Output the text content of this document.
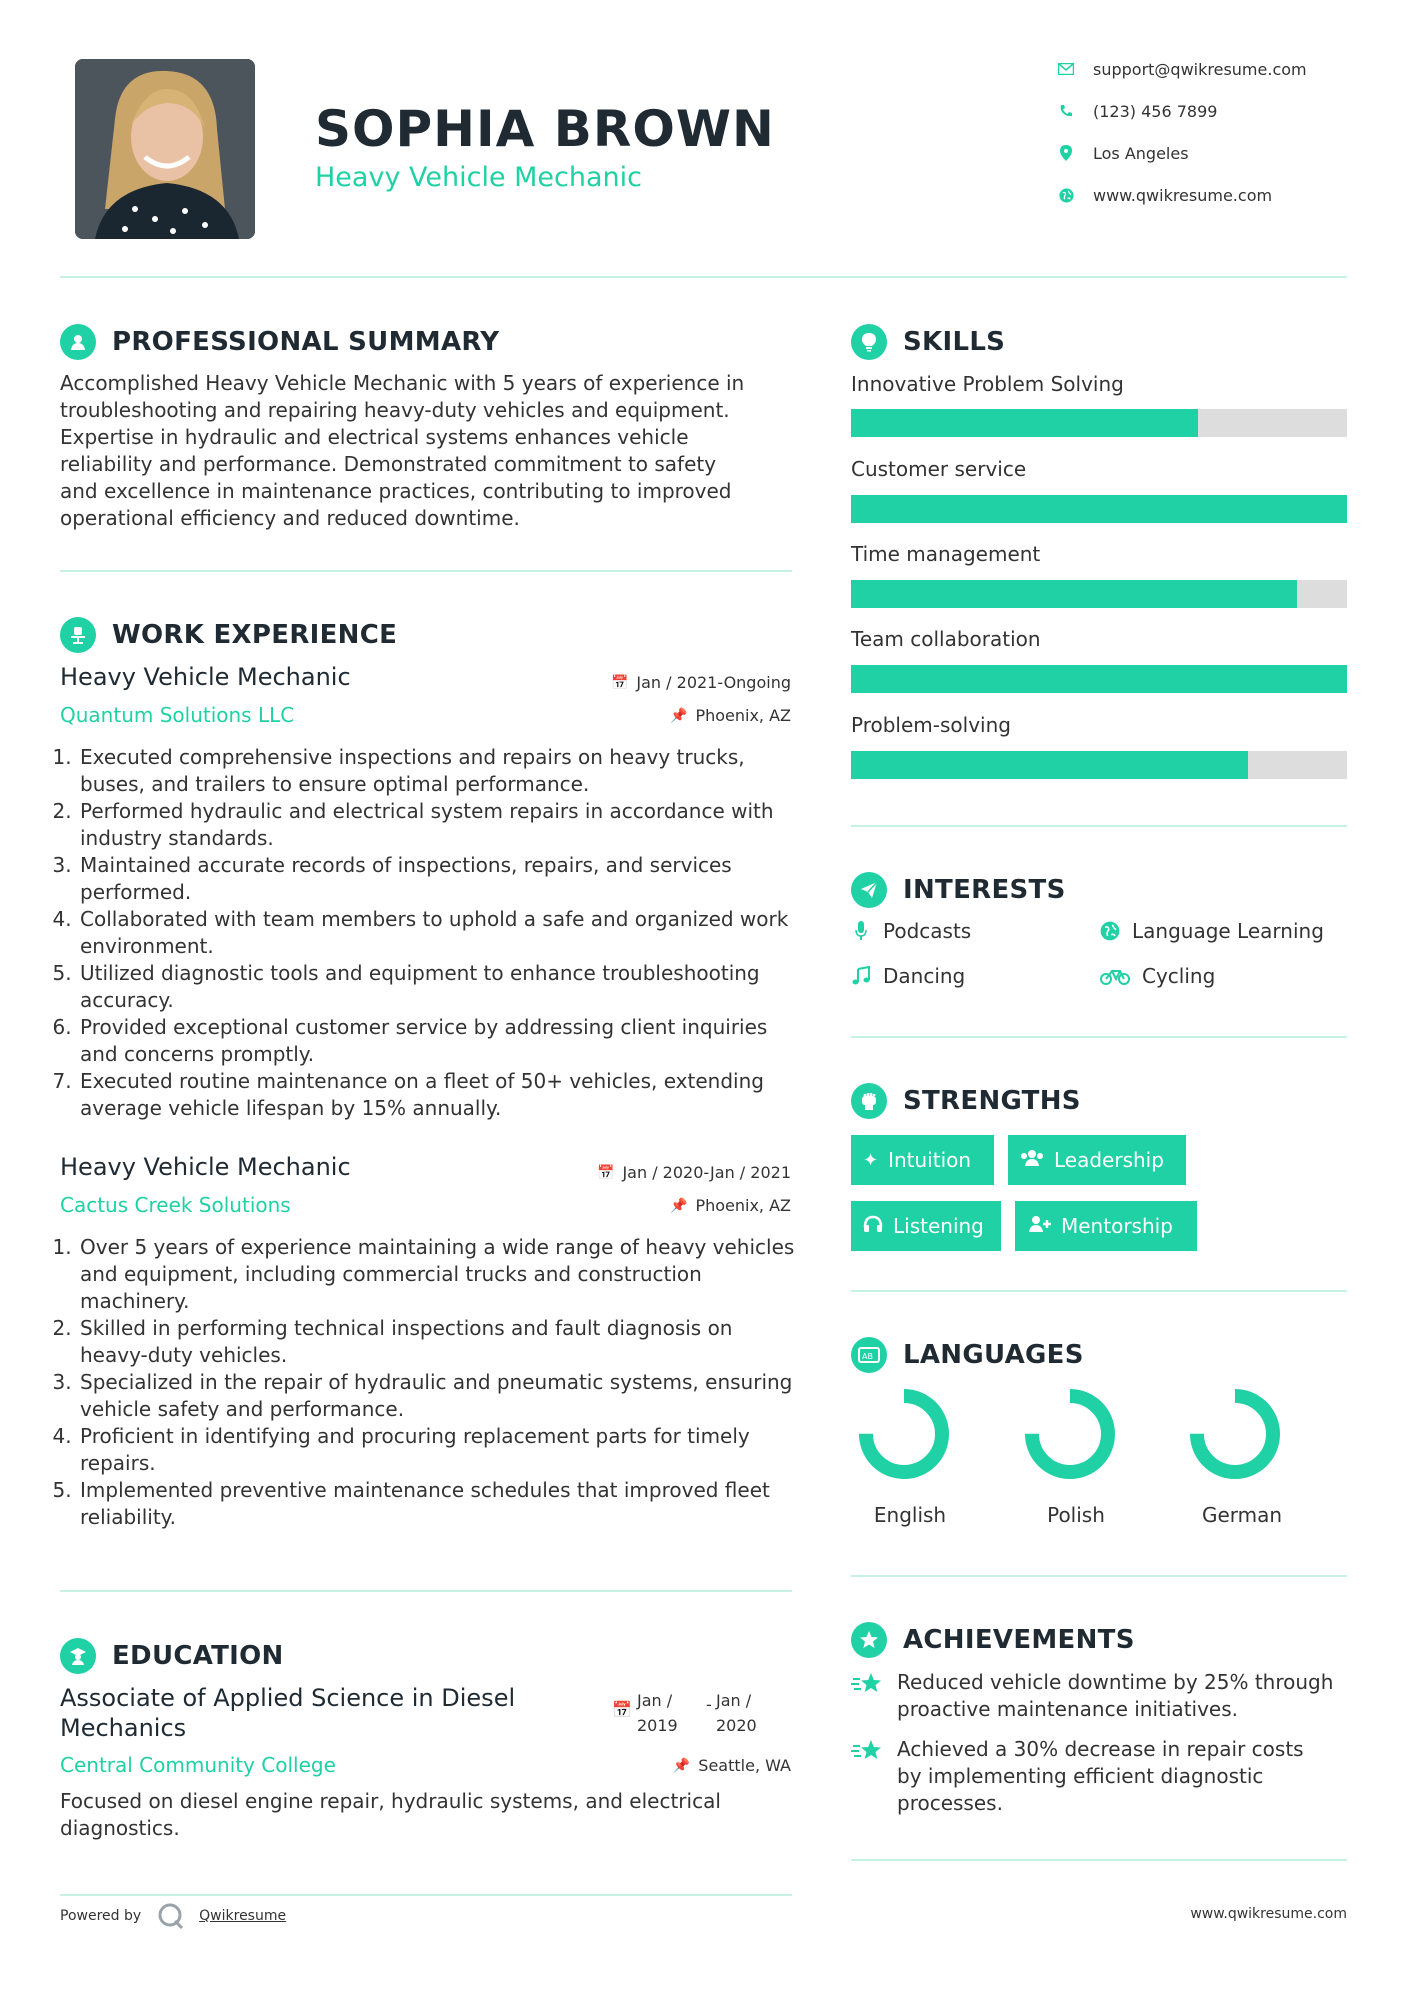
SOPHIA BROWN
Heavy Vehicle Mechanic
support@qwikresume.com
(123) 456 7899
Los Angeles
www.qwikresume.com
PROFESSIONAL SUMMARY
Accomplished Heavy Vehicle Mechanic with 5 years of experience in
troubleshooting and repairing heavy-duty vehicles and equipment.
Expertise in hydraulic and electrical systems enhances vehicle
reliability and performance. Demonstrated commitment to safety
and excellence in maintenance practices, contributing to improved
operational efficiency and reduced downtime.
WORK EXPERIENCE
Heavy Vehicle Mechanic
Quantum Solutions LLC
📅 Jan / 2021-Ongoing
📌 Phoenix, AZ
1. Executed comprehensive inspections and repairs on heavy trucks, buses, and trailers to ensure optimal performance.
2. Performed hydraulic and electrical system repairs in accordance with industry standards.
3. Maintained accurate records of inspections, repairs, and services performed.
4. Collaborated with team members to uphold a safe and organized work environment.
5. Utilized diagnostic tools and equipment to enhance troubleshooting accuracy.
6. Provided exceptional customer service by addressing client inquiries and concerns promptly.
7. Executed routine maintenance on a fleet of 50+ vehicles, extending average vehicle lifespan by 15% annually.
Heavy Vehicle Mechanic
Cactus Creek Solutions
📅 Jan / 2020-Jan / 2021
📌 Phoenix, AZ
1. Over 5 years of experience maintaining a wide range of heavy vehicles and equipment, including commercial trucks and construction machinery.
2. Skilled in performing technical inspections and fault diagnosis on heavy-duty vehicles.
3. Specialized in the repair of hydraulic and pneumatic systems, ensuring vehicle safety and performance.
4. Proficient in identifying and procuring replacement parts for timely repairs.
5. Implemented preventive maintenance schedules that improved fleet reliability.
EDUCATION
Associate of Applied Science in Diesel
Mechanics
📅 Jan /
2019
- Jan /
2020
Central Community College	📌 Seattle, WA
Focused on diesel engine repair, hydraulic systems, and electrical
diagnostics.
SKILLS
Innovative Problem Solving
Customer service
Time management
Team collaboration
Problem-solving
INTERESTS
Podcasts	Language Learning
Dancing	Cycling
STRENGTHS
✦ Intuition	Leadership
Listening	Mentorship
AB LANGUAGES
English	Polish	German
ACHIEVEMENTS
Reduced vehicle downtime by 25% through
proactive maintenance initiatives.
Achieved a 30% decrease in repair costs
by implementing efficient diagnostic
processes.
Powered by	Qwikresume	www.qwikresume.com
